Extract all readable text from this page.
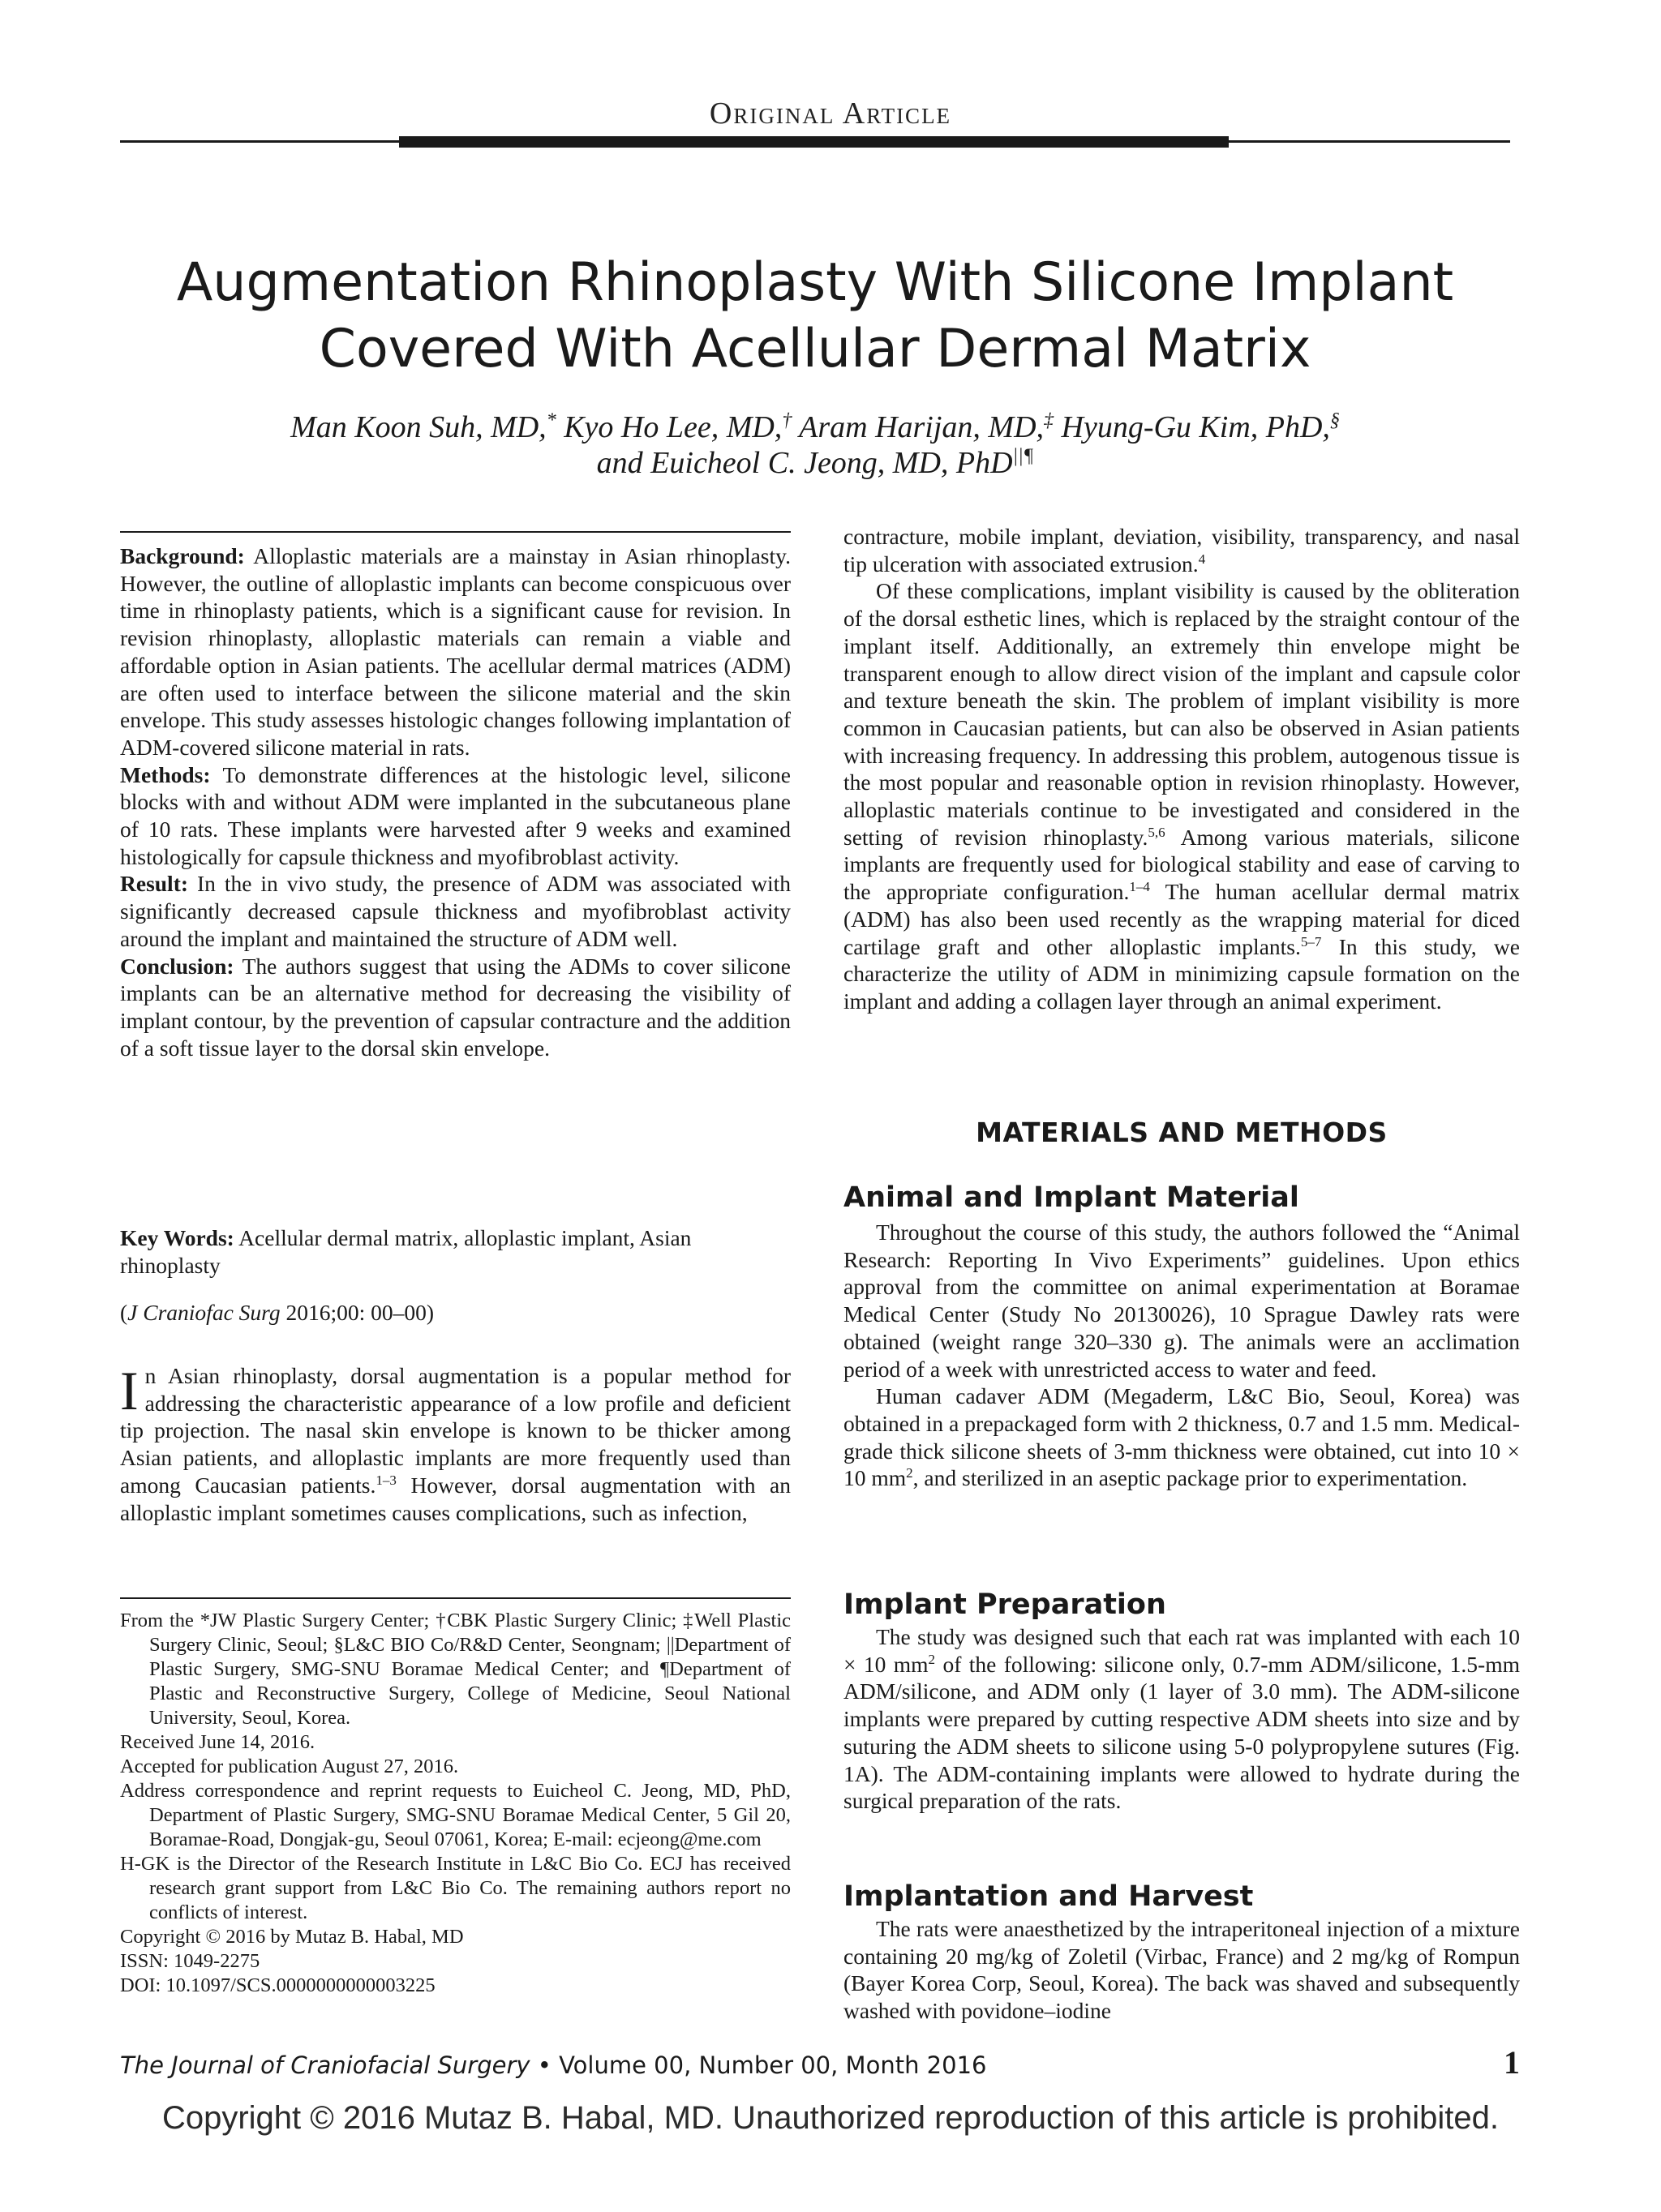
Original Article
Augmentation Rhinoplasty With Silicone Implant
Covered With Acellular Dermal Matrix
Man Koon Suh, MD,* Kyo Ho Lee, MD,† Aram Harijan, MD,‡ Hyung-Gu Kim, PhD,§
and Euicheol C. Jeong, MD, PhD||¶

Background: Alloplastic materials are a mainstay in Asian rhinoplasty. However, the outline of alloplastic implants can become conspicuous over time in rhinoplasty patients, which is a significant cause for revision. In revision rhinoplasty, alloplastic materials can remain a viable and affordable option in Asian patients. The acellular dermal matrices (ADM) are often used to interface between the silicone material and the skin envelope. This study assesses histologic changes following implantation of ADM-covered silicone material in rats.

Methods: To demonstrate differences at the histologic level, silicone blocks with and without ADM were implanted in the subcutaneous plane of 10 rats. These implants were harvested after 9 weeks and examined histologically for capsule thickness and myofibroblast activity.

Result: In the in vivo study, the presence of ADM was associated with significantly decreased capsule thickness and myofibroblast activity around the implant and maintained the structure of ADM well.

Conclusion: The authors suggest that using the ADMs to cover silicone implants can be an alternative method for decreasing the visibility of implant contour, by the prevention of capsular contracture and the addition of a soft tissue layer to the dorsal skin envelope.

Key Words: Acellular dermal matrix, alloplastic implant, Asian rhinoplasty

(J Craniofac Surg 2016;00: 00–00)

In Asian rhinoplasty, dorsal augmentation is a popular method for addressing the characteristic appearance of a low profile and deficient tip projection. The nasal skin envelope is known to be thicker among Asian patients, and alloplastic implants are more frequently used than among Caucasian patients.$^{1-3}$ However, dorsal augmentation with an alloplastic implant sometimes causes complications, such as infection,

From the *JW Plastic Surgery Center; †CBK Plastic Surgery Clinic; ‡Well Plastic Surgery Clinic, Seoul; §L&C BIO Co/R&D Center, Seongnam; ||Department of Plastic Surgery, SMG-SNU Boramae Medical Center; and ¶Department of Plastic and Reconstructive Surgery, College of Medicine, Seoul National University, Seoul, Korea.

Received June 14, 2016.

Accepted for publication August 27, 2016.

Address correspondence and reprint requests to Euicheol C. Jeong, MD, PhD, Department of Plastic Surgery, SMG-SNU Boramae Medical Center, 5 Gil 20, Boramae-Road, Dongjak-gu, Seoul 07061, Korea; E-mail: ecjeong@me.com

H-GK is the Director of the Research Institute in L&C Bio Co. ECJ has received research grant support from L&C Bio Co. The remaining authors report no conflicts of interest.

Copyright © 2016 by Mutaz B. Habal, MD

ISSN: 1049-2275

DOI: 10.1097/SCS.0000000000003225

contracture, mobile implant, deviation, visibility, transparency, and nasal tip ulceration with associated extrusion.$^4$

Of these complications, implant visibility is caused by the obliteration of the dorsal esthetic lines, which is replaced by the straight contour of the implant itself. Additionally, an extremely thin envelope might be transparent enough to allow direct vision of the implant and capsule color and texture beneath the skin. The problem of implant visibility is more common in Caucasian patients, but can also be observed in Asian patients with increasing frequency. In addressing this problem, autogenous tissue is the most popular and reasonable option in revision rhinoplasty. However, alloplastic materials continue to be investigated and considered in the setting of revision rhinoplasty.$^{5,6}$ Among various materials, silicone implants are frequently used for biological stability and ease of carving to the appropriate configuration.$^{1-4}$ The human acellular dermal matrix (ADM) has also been used recently as the wrapping material for diced cartilage graft and other alloplastic implants.$^{5-7}$ In this study, we characterize the utility of ADM in minimizing capsule formation on the implant and adding a collagen layer through an animal experiment.

MATERIALS AND METHODS

Animal and Implant Material

Throughout the course of this study, the authors followed the “Animal Research: Reporting In Vivo Experiments” guidelines. Upon ethics approval from the committee on animal experimentation at Boramae Medical Center (Study No 20130026), 10 Sprague Dawley rats were obtained (weight range 320–330 g). The animals were an acclimation period of a week with unrestricted access to water and feed.

Human cadaver ADM (Megaderm, L&C Bio, Seoul, Korea) was obtained in a prepackaged form with 2 thickness, 0.7 and 1.5 mm. Medical-grade thick silicone sheets of 3-mm thickness were obtained, cut into 10 × 10 $mm^2$, and sterilized in an aseptic package prior to experimentation.

Implant Preparation

The study was designed such that each rat was implanted with each 10 × 10 $mm^2$ of the following: silicone only, 0.7-mm ADM/silicone, 1.5-mm ADM/silicone, and ADM only (1 layer of 3.0 mm). The ADM-silicone implants were prepared by cutting respective ADM sheets into size and by suturing the ADM sheets to silicone using 5-0 polypropylene sutures (Fig. 1A). The ADM-containing implants were allowed to hydrate during the surgical preparation of the rats.

Implantation and Harvest

The rats were anaesthetized by the intraperitoneal injection of a mixture containing 20 mg/kg of Zoletil (Virbac, France) and 2 mg/kg of Rompun (Bayer Korea Corp, Seoul, Korea). The back was shaved and subsequently washed with povidone–iodine

The Journal of Craniofacial Surgery • Volume 00, Number 00, Month 2016	1
Copyright © 2016 Mutaz B. Habal, MD. Unauthorized reproduction of this article is prohibited.
